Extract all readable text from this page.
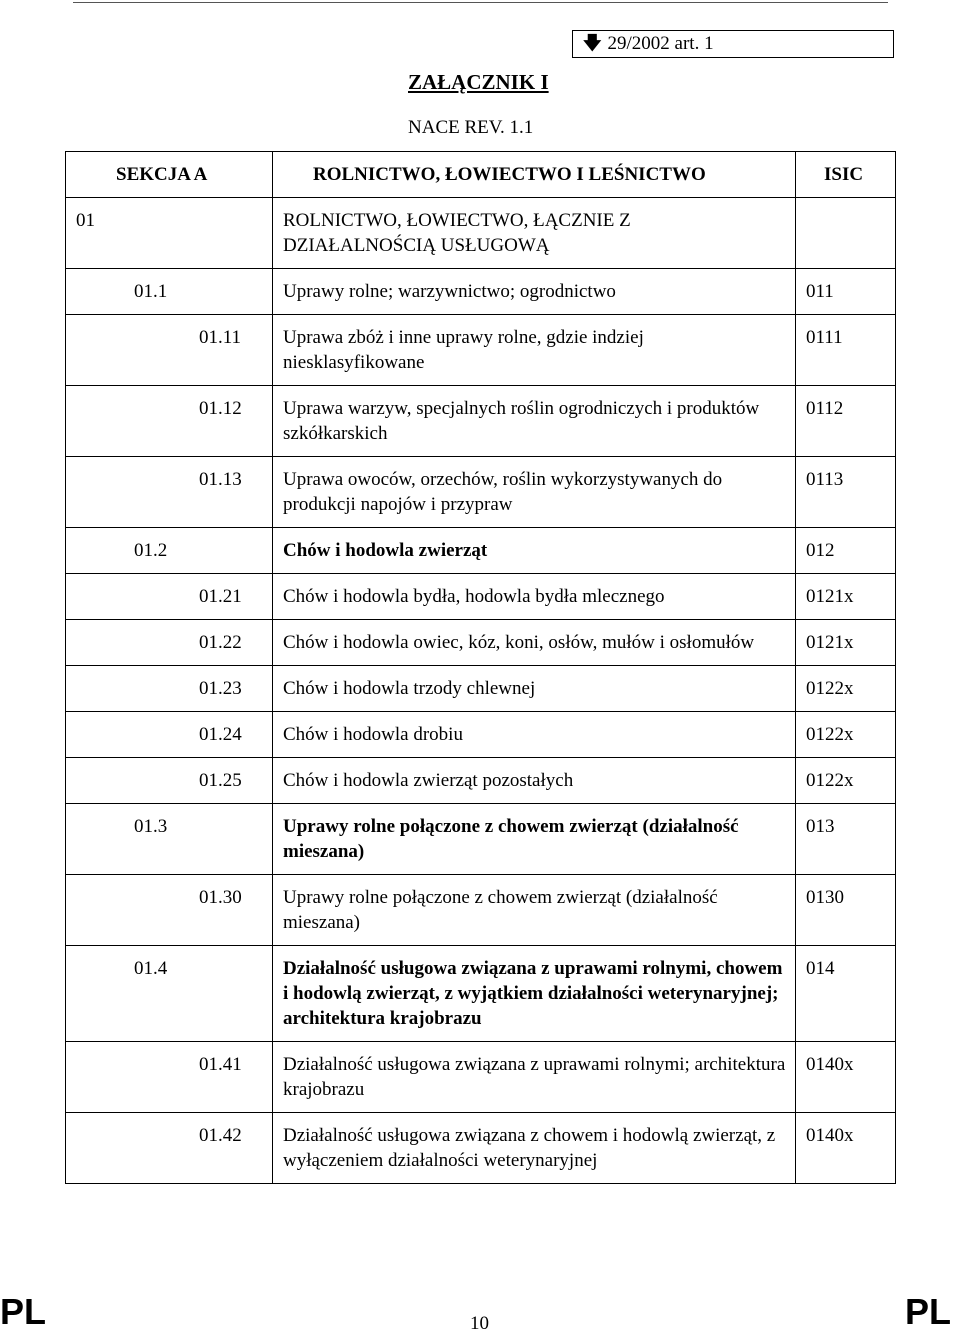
🡇 29/2002 art. 1
ZAŁĄCZNIK I
NACE REV. 1.1
SEKCJA A	ROLNICTWO, ŁOWIECTWO I LEŚNICTWO	ISIC

01	ROLNICTWO, ŁOWIECTWO, ŁĄCZNIE Z DZIAŁALNOŚCIĄ USŁUGOWĄ	

01.1	Uprawy rolne; warzywnictwo; ogrodnictwo	011

01.11	Uprawa zbóż i inne uprawy rolne, gdzie indziej niesklasyfikowane	0111

01.12	Uprawa warzyw, specjalnych roślin ogrodniczych i produktów szkółkarskich	0112

01.13	Uprawa owoców, orzechów, roślin wykorzystywanych do produkcji napojów i przypraw	0113

01.2	Chów i hodowla zwierząt	012

01.21	Chów i hodowla bydła, hodowla bydła mlecznego	0121x

01.22	Chów i hodowla owiec, kóz, koni, osłów, mułów i osłomułów	0121x

01.23	Chów i hodowla trzody chlewnej	0122x

01.24	Chów i hodowla drobiu	0122x

01.25	Chów i hodowla zwierząt pozostałych	0122x

01.3	Uprawy rolne połączone z chowem zwierząt (działalność mieszana)	013

01.30	Uprawy rolne połączone z chowem zwierząt (działalność mieszana)	0130

01.4	Działalność usługowa związana z uprawami rolnymi, chowem i hodowlą zwierząt, z wyjątkiem działalności weterynaryjnej; architektura krajobrazu	014

01.41	Działalność usługowa związana z uprawami rolnymi; architektura krajobrazu	0140x

01.42	Działalność usługowa związana z chowem i hodowlą zwierząt, z wyłączeniem działalności weterynaryjnej	0140x
PL	10	PL
